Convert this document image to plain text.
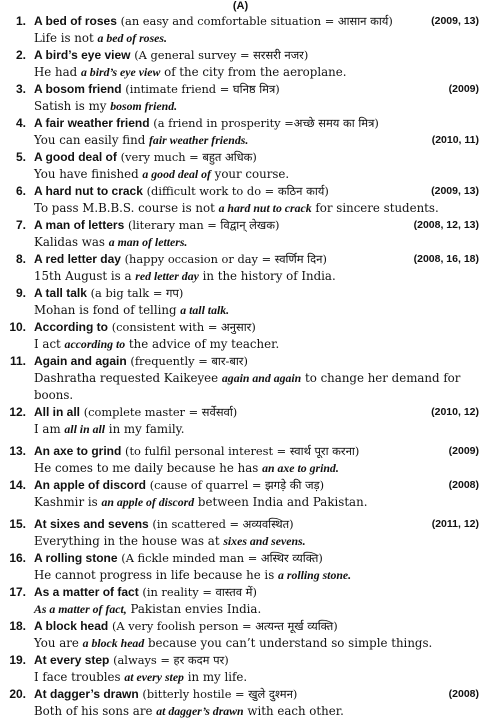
(A)
1. A bed of roses (an easy and comfortable situation = आसान कार्य)	(2009, 13)
Life is not a bed of roses.
2. A bird’s eye view (A general survey = सरसरी नजर)
He had a bird’s eye view of the city from the aeroplane.
3. A bosom friend (intimate friend = घनिष्ठ मित्र)	(2009)
Satish is my bosom friend.
4. A fair weather friend (a friend in prosperity =अच्छे समय का मित्र)
You can easily find fair weather friends.	(2010, 11)
5. A good deal of (very much = बहुत अधिक)
You have finished a good deal of your course.
6. A hard nut to crack (difficult work to do = कठिन कार्य)	(2009, 13)
To pass M.B.B.S. course is not a hard nut to crack for sincere students.
7. A man of letters (literary man = विद्वान् लेखक)	(2008, 12, 13)
Kalidas was a man of letters.
8. A red letter day (happy occasion or day = स्वर्णिम दिन)	(2008, 16, 18)
15th August is a red letter day in the history of India.
9. A tall talk (a big talk = गप)
Mohan is fond of telling a tall talk.
10. According to (consistent with = अनुसार)
I act according to the advice of my teacher.
11. Again and again (frequently = बार-बार)
Dashratha requested Kaikeyee again and again to change her demand for
boons.
12. All in all (complete master = सर्वेसर्वा)	(2010, 12)
I am all in all in my family.
13. An axe to grind (to fulfil personal interest = स्वार्थ पूरा करना)	(2009)
He comes to me daily because he has an axe to grind.
14. An apple of discord (cause of quarrel = झगड़े की जड़)	(2008)
Kashmir is an apple of discord between India and Pakistan.
15. At sixes and sevens (in scattered = अव्यवस्थित)	(2011, 12)
Everything in the house was at sixes and sevens.
16. A rolling stone (A fickle minded man = अस्थिर व्यक्ति)
He cannot progress in life because he is a rolling stone.
17. As a matter of fact (in reality = वास्तव में)
As a matter of fact, Pakistan envies India.
18. A block head (A very foolish person = अत्यन्त मूर्ख व्यक्ति)
You are a block head because you can’t understand so simple things.
19. At every step (always = हर कदम पर)
I face troubles at every step in my life.
20. At dagger’s drawn (bitterly hostile = खुले दुश्मन)	(2008)
Both of his sons are at dagger’s drawn with each other.
